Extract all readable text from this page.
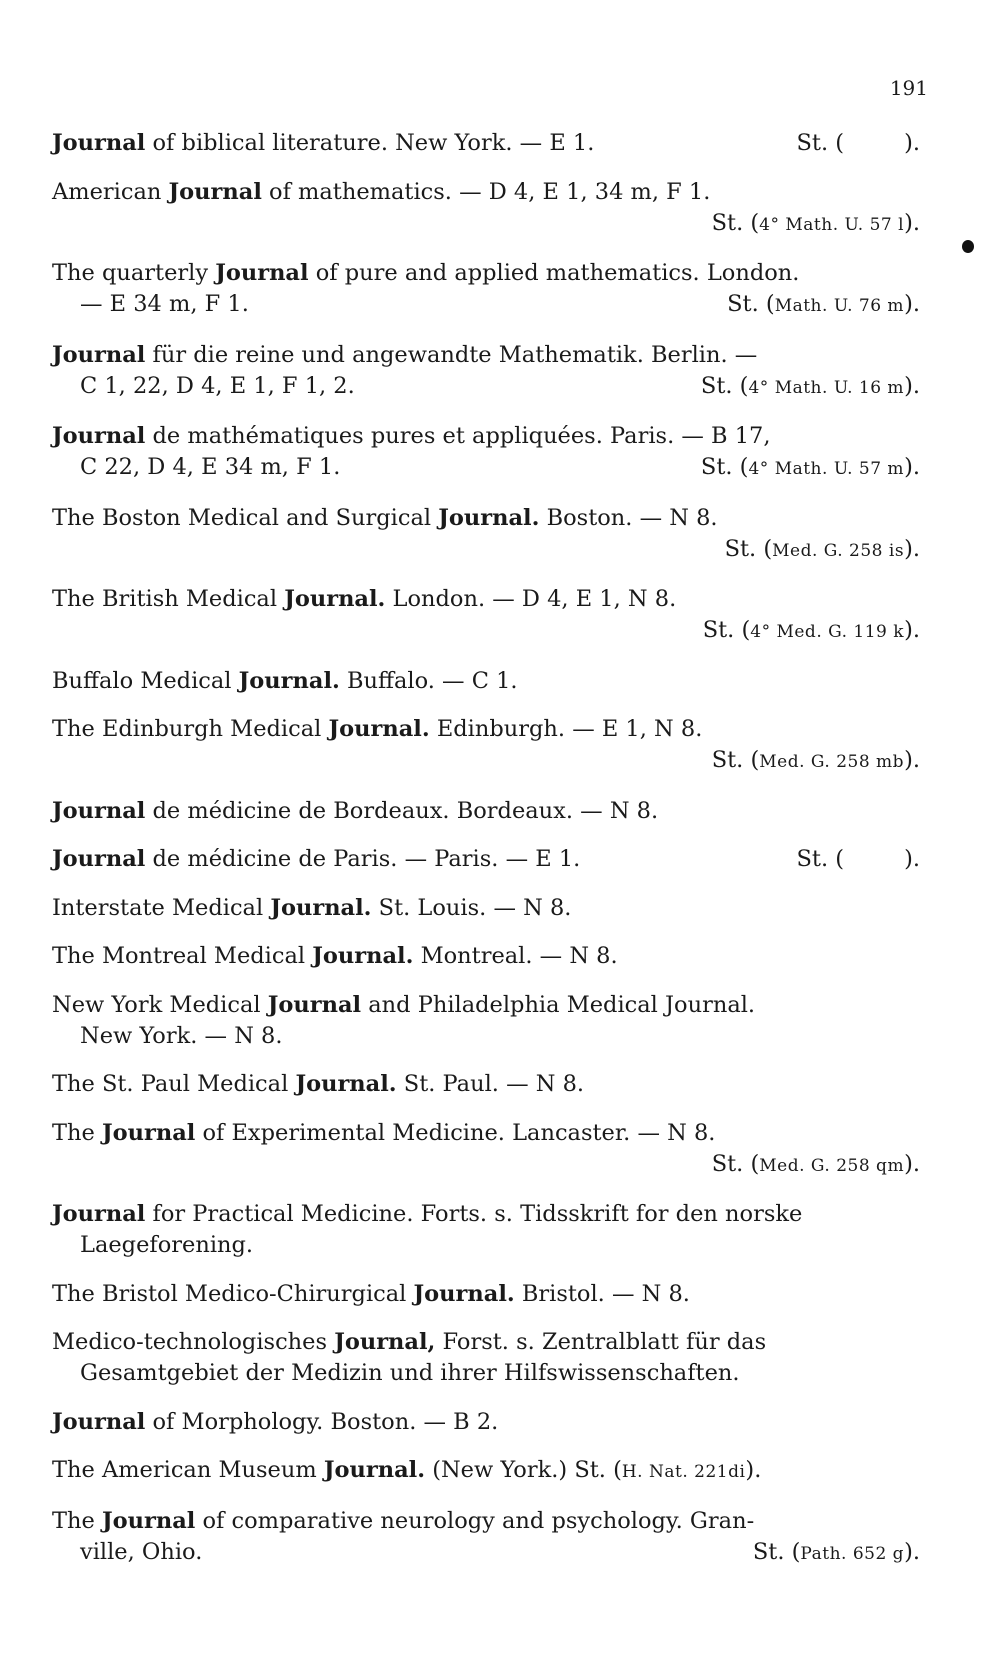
191
Journal of biblical literature. New York. — E 1.	St. (	).
American Journal of mathematics. — D 4, E 1, 34 m, F 1.
St. (4° Math. U. 57 l).
The quarterly Journal of pure and applied mathematics. London.
— E 34 m, F 1.	St. (Math. U. 76 m).
Journal für die reine und angewandte Mathematik. Berlin. —
C 1, 22, D 4, E 1, F 1, 2.	St. (4° Math. U. 16 m).
Journal de mathématiques pures et appliquées. Paris. — B 17,
C 22, D 4, E 34 m, F 1.	St. (4° Math. U. 57 m).
The Boston Medical and Surgical Journal. Boston. — N 8.
St. (Med. G. 258 is).
The British Medical Journal. London. — D 4, E 1, N 8.
St. (4° Med. G. 119 k).
Buffalo Medical Journal. Buffalo. — C 1.
The Edinburgh Medical Journal. Edinburgh. — E 1, N 8.
St. (Med. G. 258 mb).
Journal de médicine de Bordeaux. Bordeaux. — N 8.
Journal de médicine de Paris. — Paris. — E 1.	St. (	).
Interstate Medical Journal. St. Louis. — N 8.
The Montreal Medical Journal. Montreal. — N 8.
New York Medical Journal and Philadelphia Medical Journal.
New York. — N 8.
The St. Paul Medical Journal. St. Paul. — N 8.
The Journal of Experimental Medicine. Lancaster. — N 8.
St. (Med. G. 258 qm).
Journal for Practical Medicine. Forts. s. Tidsskrift for den norske
Laegeforening.
The Bristol Medico-Chirurgical Journal. Bristol. — N 8.
Medico-technologisches Journal, Forst. s. Zentralblatt für das
Gesamtgebiet der Medizin und ihrer Hilfswissenschaften.
Journal of Morphology. Boston. — B 2.
The American Museum Journal. (New York.) St. (H. Nat. 221di).
The Journal of comparative neurology and psychology. Gran-
ville, Ohio.	St. (Path. 652 g).
